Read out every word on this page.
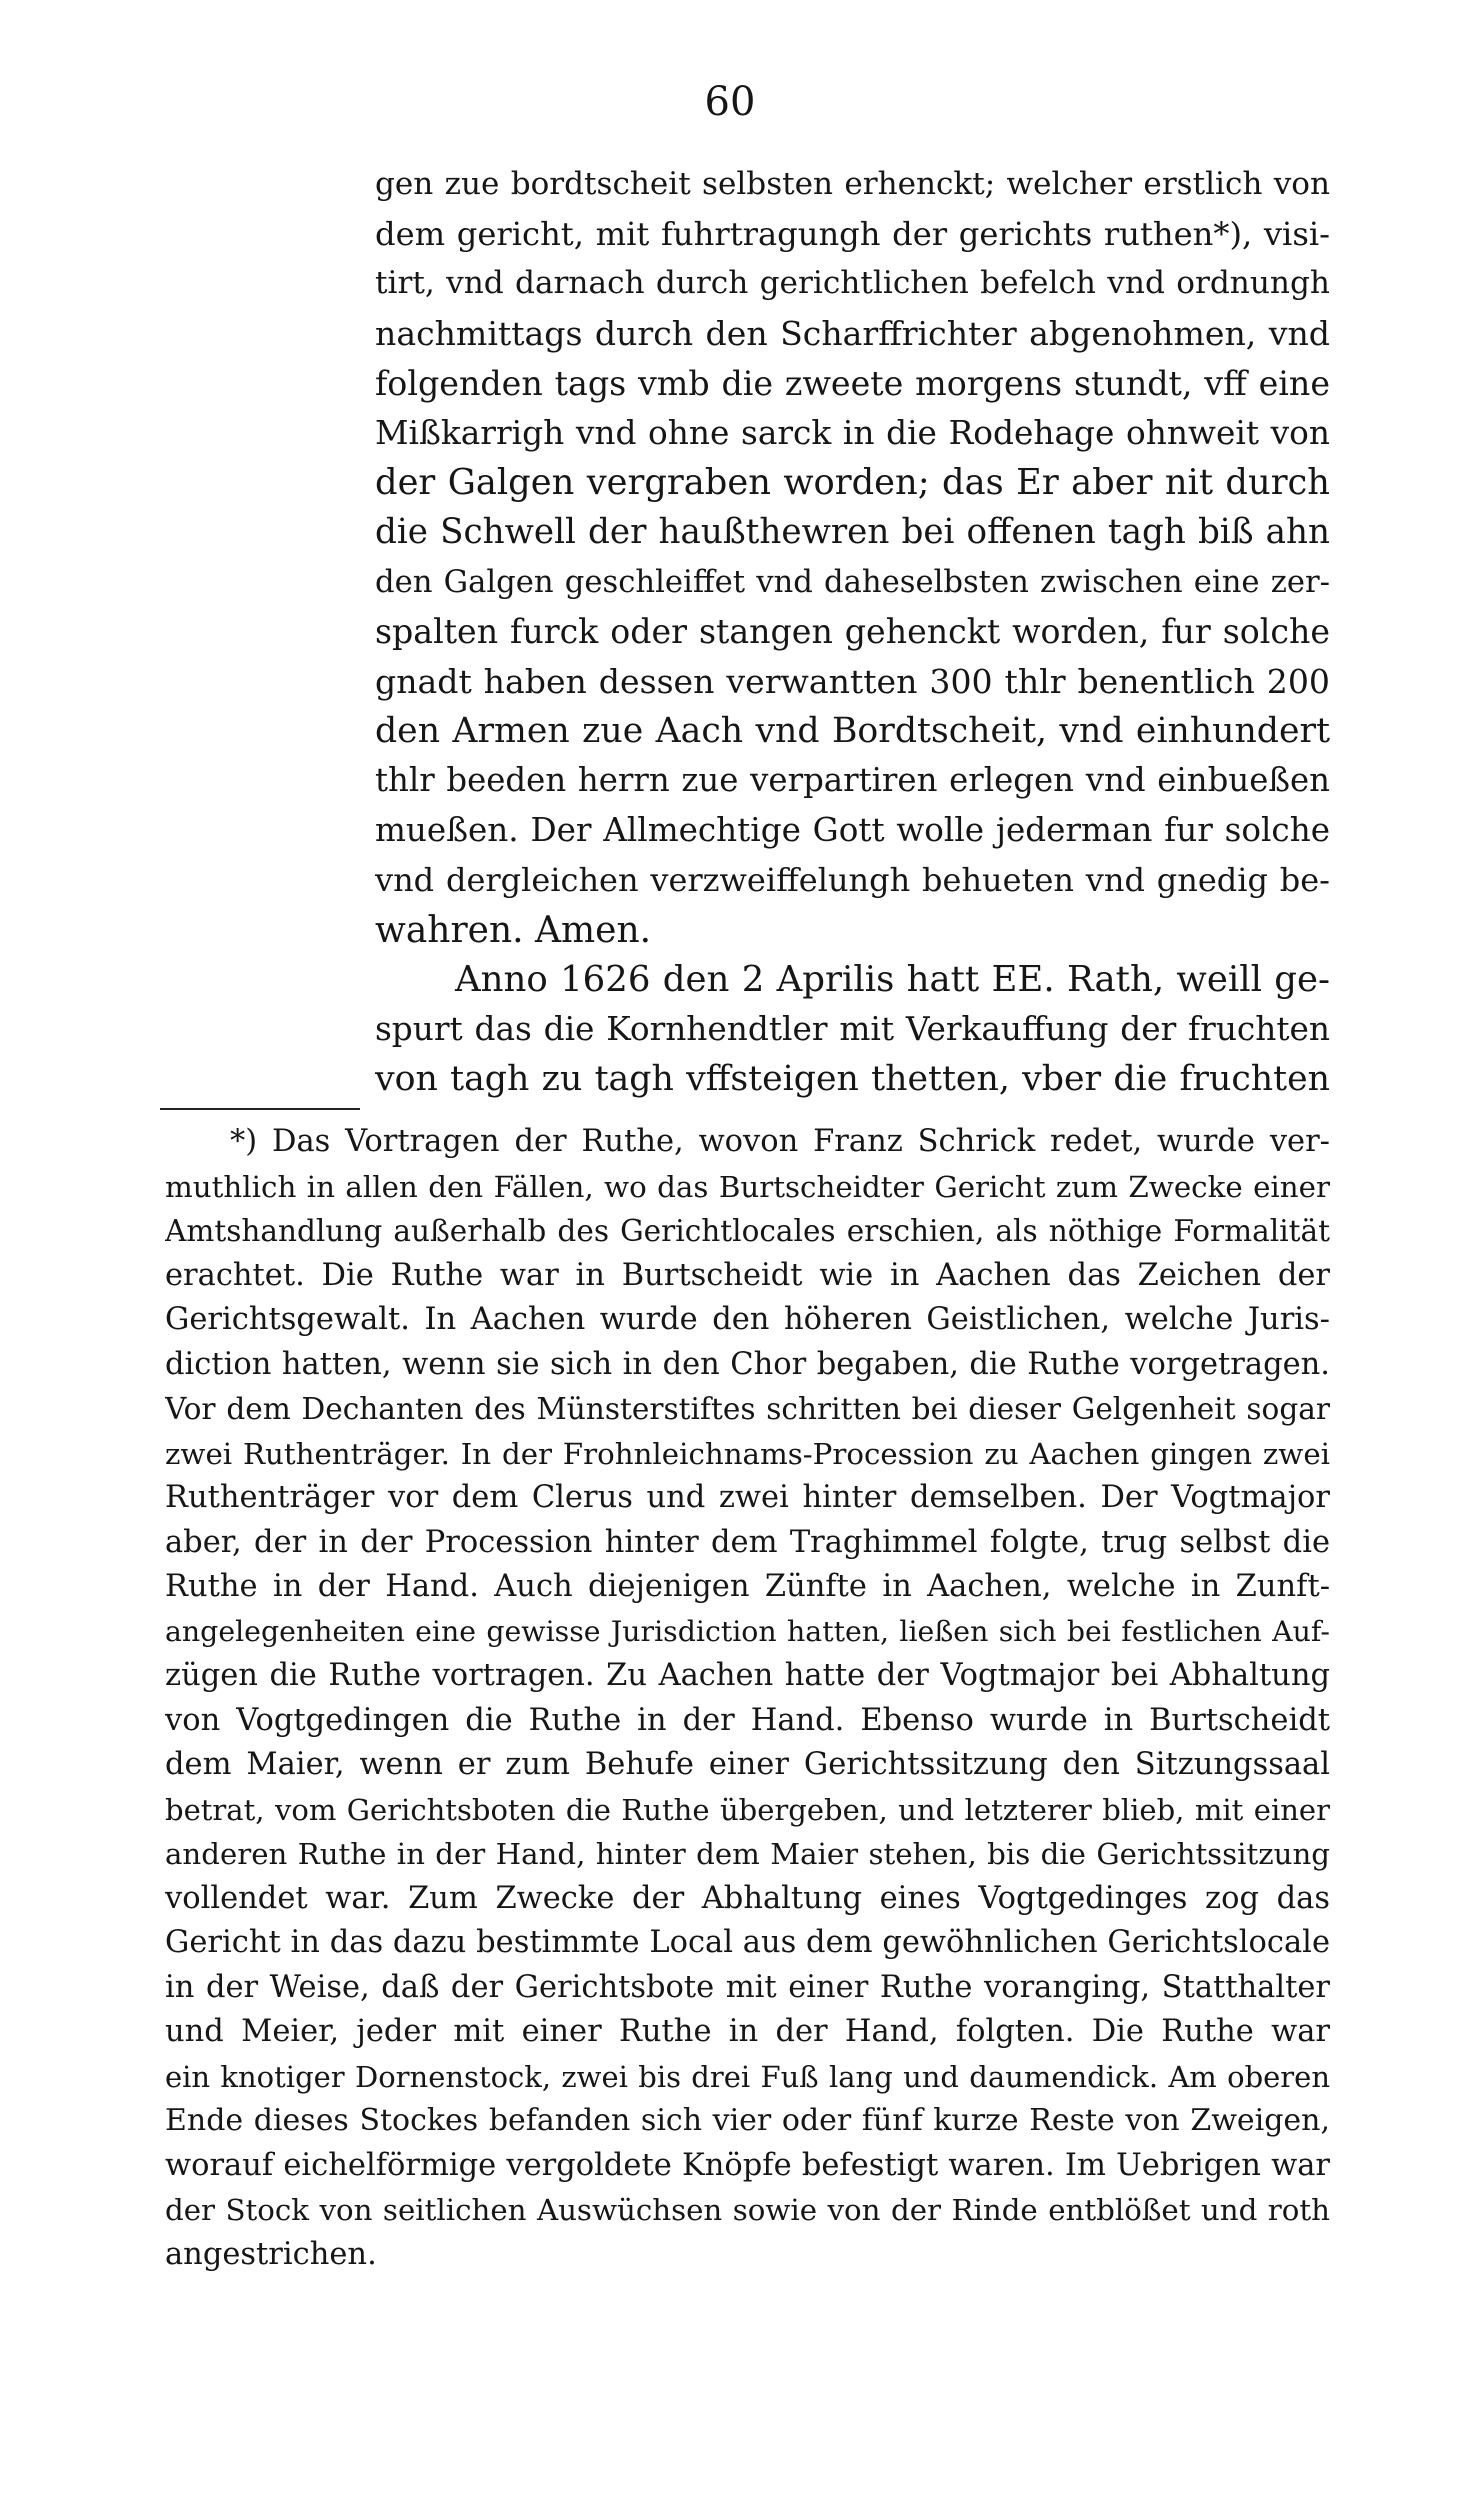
60
gen zue bordtscheit selbsten erhenckt; welcher erstlich von
dem gericht, mit fuhrtragungh der gerichts ruthen*), visi-
tirt, vnd darnach durch gerichtlichen befelch vnd ordnungh
nachmittags durch den Scharffrichter abgenohmen, vnd
folgenden tags vmb die zweete morgens stundt, vff eine
Mißkarrigh vnd ohne sarck in die Rodehage ohnweit von
der Galgen vergraben worden; das Er aber nit durch
die Schwell der haußthewren bei offenen tagh biß ahn
den Galgen geschleiffet vnd daheselbsten zwischen eine zer-
spalten furck oder stangen gehenckt worden, fur solche
gnadt haben dessen verwantten 300 thlr benentlich 200
den Armen zue Aach vnd Bordtscheit, vnd einhundert
thlr beeden herrn zue verpartiren erlegen vnd einbueßen
mueßen. Der Allmechtige Gott wolle jederman fur solche
vnd dergleichen verzweiffelungh behueten vnd gnedig be-
wahren. Amen.
Anno 1626 den 2 Aprilis hatt EE. Rath, weill ge-
spurt das die Kornhendtler mit Verkauffung der fruchten
von tagh zu tagh vffsteigen thetten, vber die fruchten
*) Das Vortragen der Ruthe, wovon Franz Schrick redet, wurde ver-
muthlich in allen den Fällen, wo das Burtscheidter Gericht zum Zwecke einer
Amtshandlung außerhalb des Gerichtlocales erschien, als nöthige Formalität
erachtet. Die Ruthe war in Burtscheidt wie in Aachen das Zeichen der
Gerichtsgewalt. In Aachen wurde den höheren Geistlichen, welche Juris-
diction hatten, wenn sie sich in den Chor begaben, die Ruthe vorgetragen.
Vor dem Dechanten des Münsterstiftes schritten bei dieser Gelgenheit sogar
zwei Ruthenträger. In der Frohnleichnams-Procession zu Aachen gingen zwei
Ruthenträger vor dem Clerus und zwei hinter demselben. Der Vogtmajor
aber, der in der Procession hinter dem Traghimmel folgte, trug selbst die
Ruthe in der Hand. Auch diejenigen Zünfte in Aachen, welche in Zunft-
angelegenheiten eine gewisse Jurisdiction hatten, ließen sich bei festlichen Auf-
zügen die Ruthe vortragen. Zu Aachen hatte der Vogtmajor bei Abhaltung
von Vogtgedingen die Ruthe in der Hand. Ebenso wurde in Burtscheidt
dem Maier, wenn er zum Behufe einer Gerichtssitzung den Sitzungssaal
betrat, vom Gerichtsboten die Ruthe übergeben, und letzterer blieb, mit einer
anderen Ruthe in der Hand, hinter dem Maier stehen, bis die Gerichtssitzung
vollendet war. Zum Zwecke der Abhaltung eines Vogtgedinges zog das
Gericht in das dazu bestimmte Local aus dem gewöhnlichen Gerichtslocale
in der Weise, daß der Gerichtsbote mit einer Ruthe voranging, Statthalter
und Meier, jeder mit einer Ruthe in der Hand, folgten. Die Ruthe war
ein knotiger Dornenstock, zwei bis drei Fuß lang und daumendick. Am oberen
Ende dieses Stockes befanden sich vier oder fünf kurze Reste von Zweigen,
worauf eichelförmige vergoldete Knöpfe befestigt waren. Im Uebrigen war
der Stock von seitlichen Auswüchsen sowie von der Rinde entblößet und roth
angestrichen.
